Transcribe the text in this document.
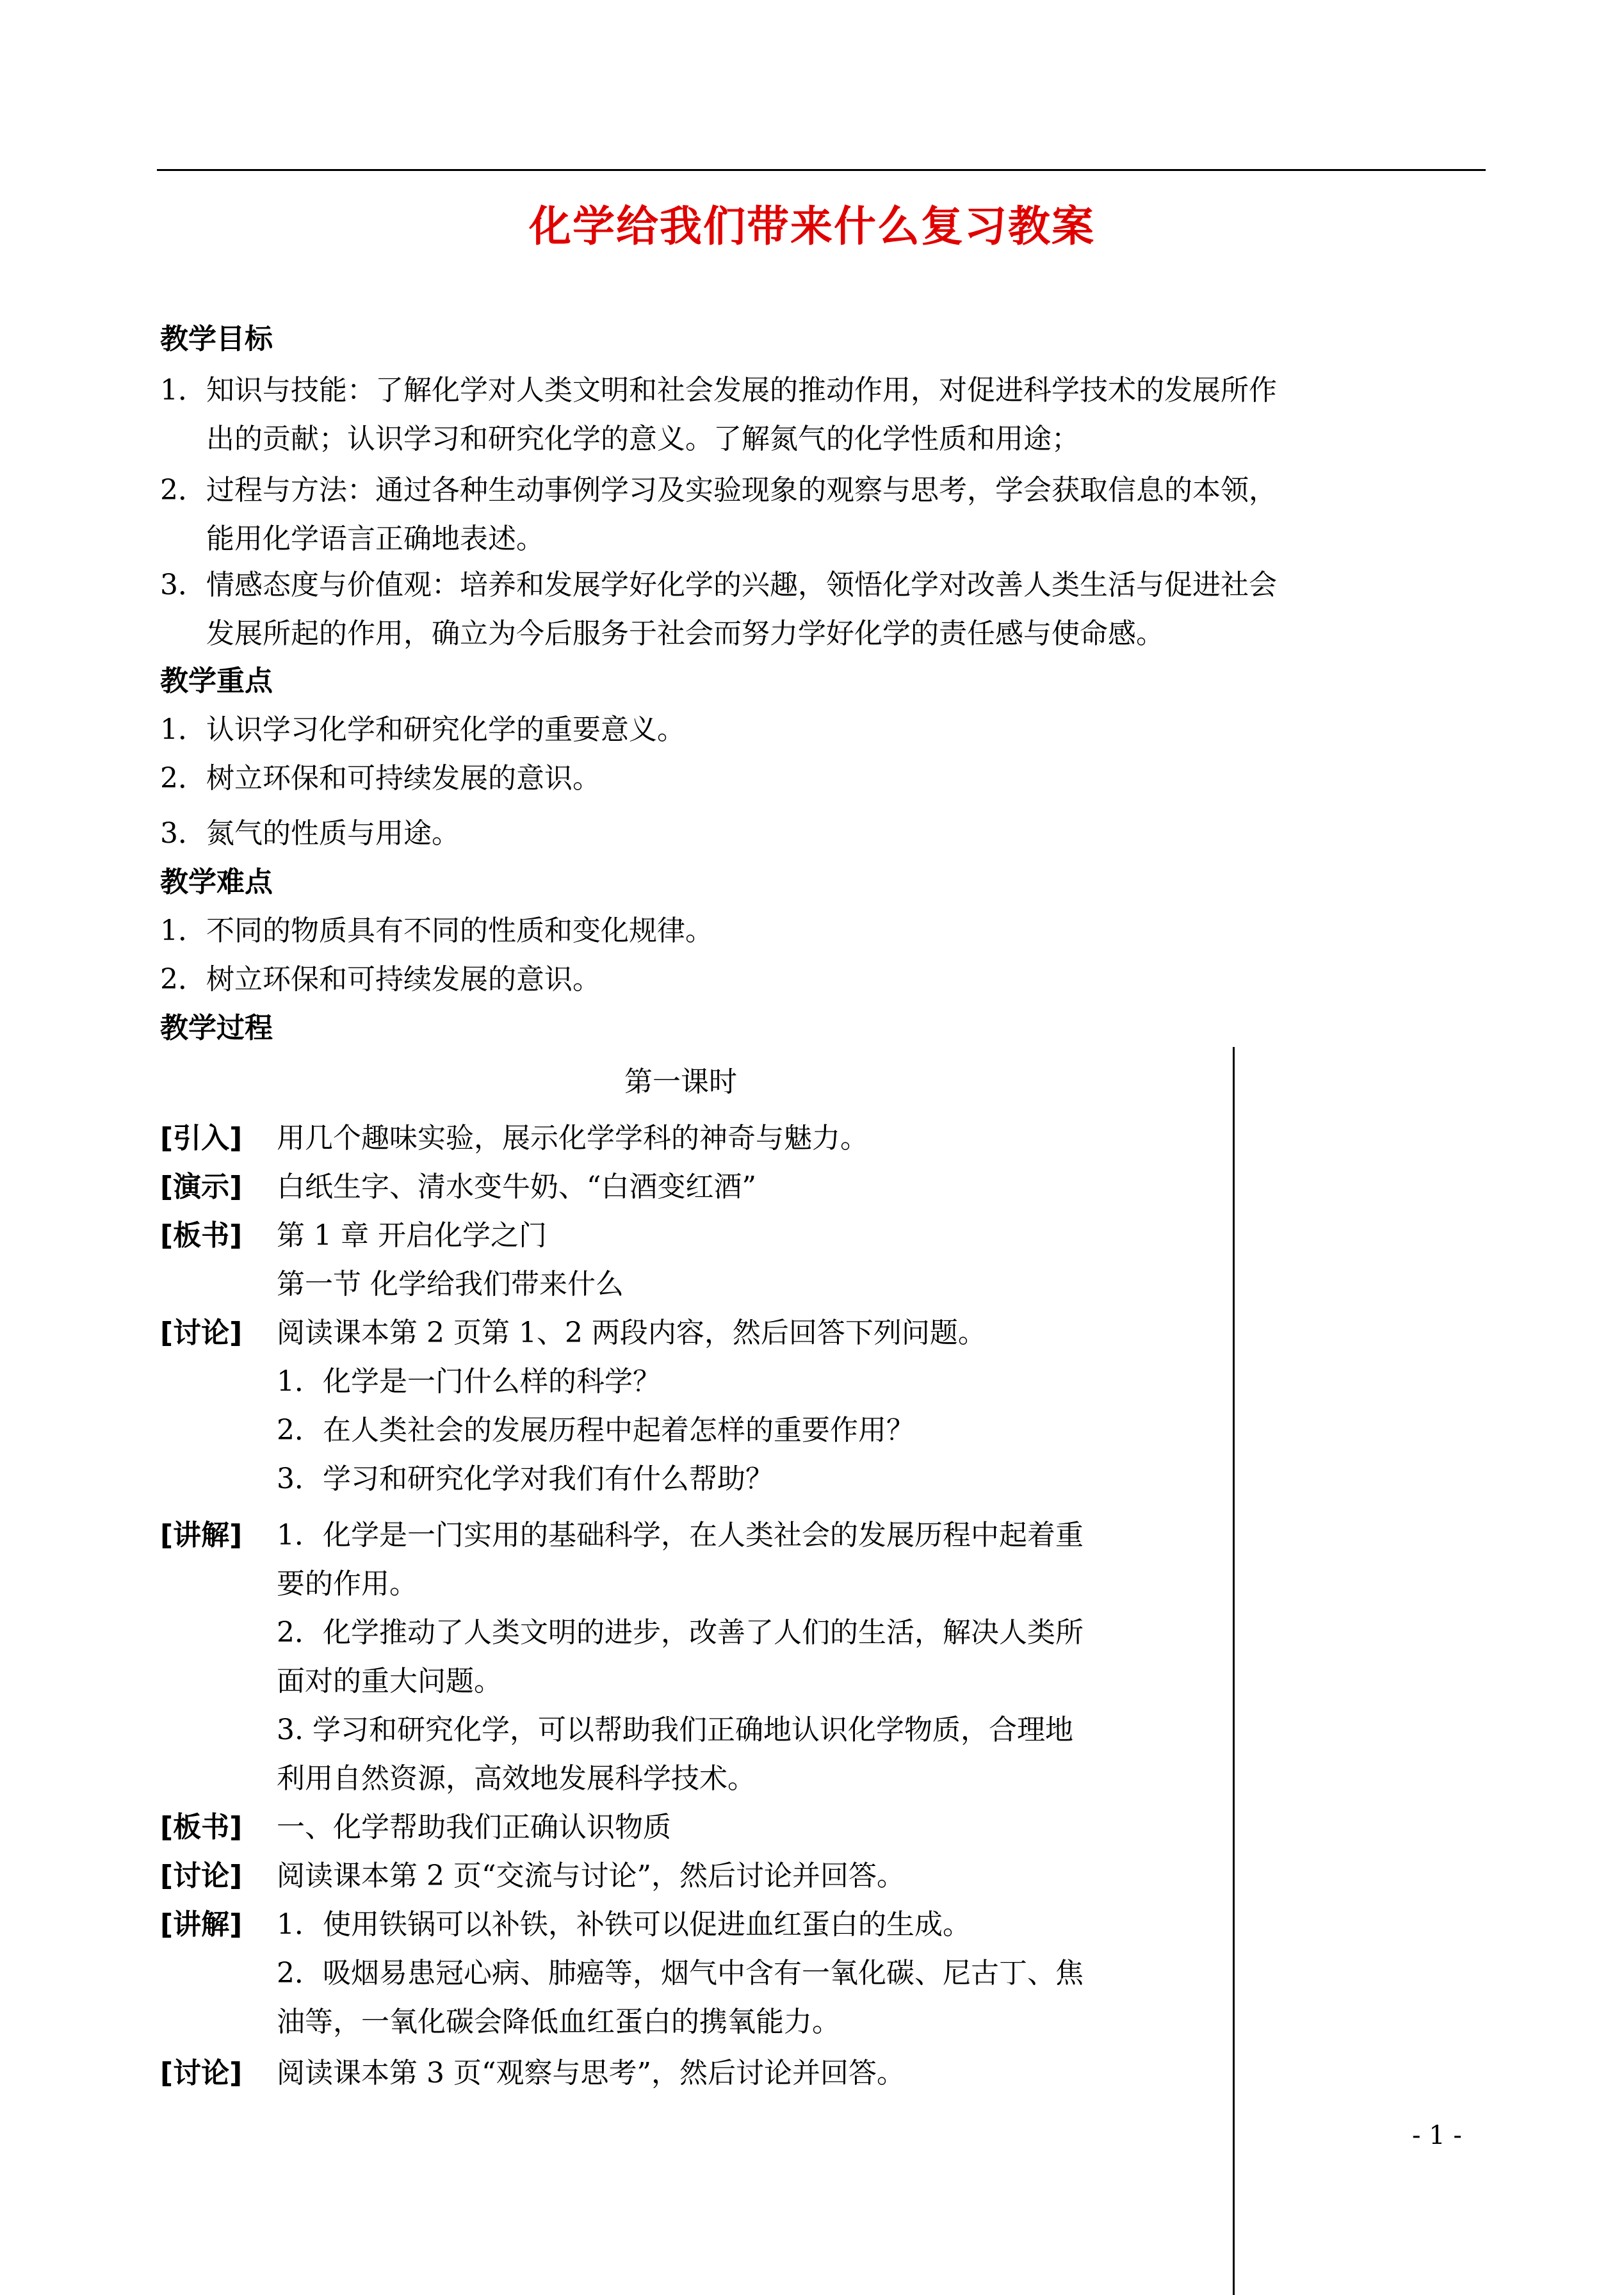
化学给我们带来什么复习教案
教学目标
1．知识与技能：了解化学对人类文明和社会发展的推动作用，对促进科学技术的发展所作
出的贡献；认识学习和研究化学的意义。了解氮气的化学性质和用途；
2．过程与方法：通过各种生动事例学习及实验现象的观察与思考，学会获取信息的本领，
能用化学语言正确地表述。
3．情感态度与价值观：培养和发展学好化学的兴趣，领悟化学对改善人类生活与促进社会
发展所起的作用，确立为今后服务于社会而努力学好化学的责任感与使命感。
教学重点
1．认识学习化学和研究化学的重要意义。
2．树立环保和可持续发展的意识。
3．氮气的性质与用途。
教学难点
1．不同的物质具有不同的性质和变化规律。
2．树立环保和可持续发展的意识。
教学过程
第一课时
[引入] 用几个趣味实验，展示化学学科的神奇与魅力。
[演示] 白纸生字、清水变牛奶、“白酒变红酒”
[板书] 第 1 章 开启化学之门
第一节 化学给我们带来什么
[讨论] 阅读课本第 2 页第 1、2 两段内容，然后回答下列问题。
1．化学是一门什么样的科学？
2．在人类社会的发展历程中起着怎样的重要作用？
3．学习和研究化学对我们有什么帮助？
[讲解] 1．化学是一门实用的基础科学，在人类社会的发展历程中起着重
要的作用。
2．化学推动了人类文明的进步，改善了人们的生活，解决人类所
面对的重大问题。
3. 学习和研究化学，可以帮助我们正确地认识化学物质，合理地
利用自然资源，高效地发展科学技术。
[板书] 一、化学帮助我们正确认识物质
[讨论] 阅读课本第 2 页“交流与讨论”，然后讨论并回答。
[讲解] 1．使用铁锅可以补铁，补铁可以促进血红蛋白的生成。
2．吸烟易患冠心病、肺癌等，烟气中含有一氧化碳、尼古丁、焦
油等，一氧化碳会降低血红蛋白的携氧能力。
[讨论] 阅读课本第 3 页“观察与思考”，然后讨论并回答。
- 1 -
